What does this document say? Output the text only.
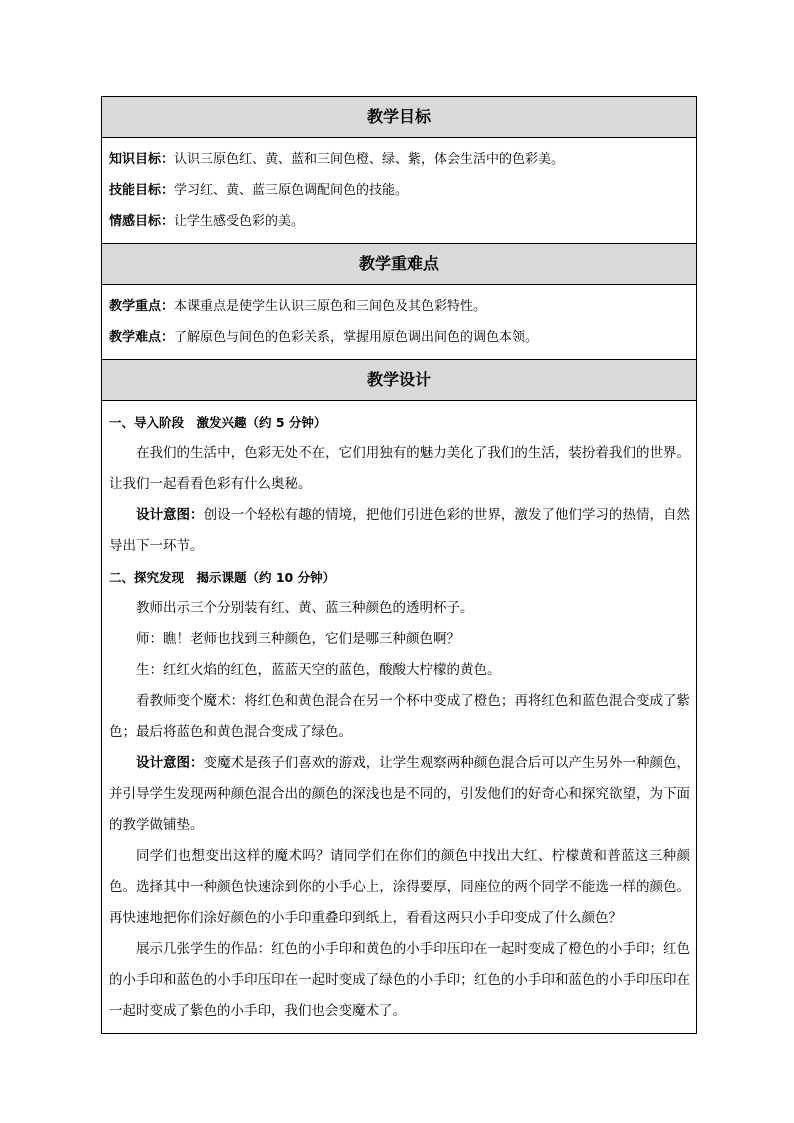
教学目标
知识目标：认识三原色红、黄、蓝和三间色橙、绿、紫，体会生活中的色彩美。
技能目标：学习红、黄、蓝三原色调配间色的技能。
情感目标：让学生感受色彩的美。
教学重难点
教学重点：本课重点是使学生认识三原色和三间色及其色彩特性。
教学难点：了解原色与间色的色彩关系，掌握用原色调出间色的调色本领。
教学设计
一、导入阶段　激发兴趣（约 5 分钟）
在我们的生活中，色彩无处不在，它们用独有的魅力美化了我们的生活，装扮着我们的世界。让我们一起看看色彩有什么奥秘。
设计意图：创设一个轻松有趣的情境，把他们引进色彩的世界，激发了他们学习的热情，自然导出下一环节。
二、探究发现　揭示课题（约 10 分钟）
教师出示三个分别装有红、黄、蓝三种颜色的透明杯子。
师：瞧！老师也找到三种颜色，它们是哪三种颜色啊？
生：红红火焰的红色，蓝蓝天空的蓝色，酸酸大柠檬的黄色。
看教师变个魔术：将红色和黄色混合在另一个杯中变成了橙色；再将红色和蓝色混合变成了紫色；最后将蓝色和黄色混合变成了绿色。
设计意图：变魔术是孩子们喜欢的游戏，让学生观察两种颜色混合后可以产生另外一种颜色，并引导学生发现两种颜色混合出的颜色的深浅也是不同的，引发他们的好奇心和探究欲望，为下面的教学做铺垫。
同学们也想变出这样的魔术吗？请同学们在你们的颜色中找出大红、柠檬黄和普蓝这三种颜色。选择其中一种颜色快速涂到你的小手心上，涂得要厚，同座位的两个同学不能选一样的颜色。再快速地把你们涂好颜色的小手印重叠印到纸上，看看这两只小手印变成了什么颜色？
展示几张学生的作品：红色的小手印和黄色的小手印压印在一起时变成了橙色的小手印；红色的小手印和蓝色的小手印压印在一起时变成了绿色的小手印；红色的小手印和蓝色的小手印压印在一起时变成了紫色的小手印，我们也会变魔术了。
